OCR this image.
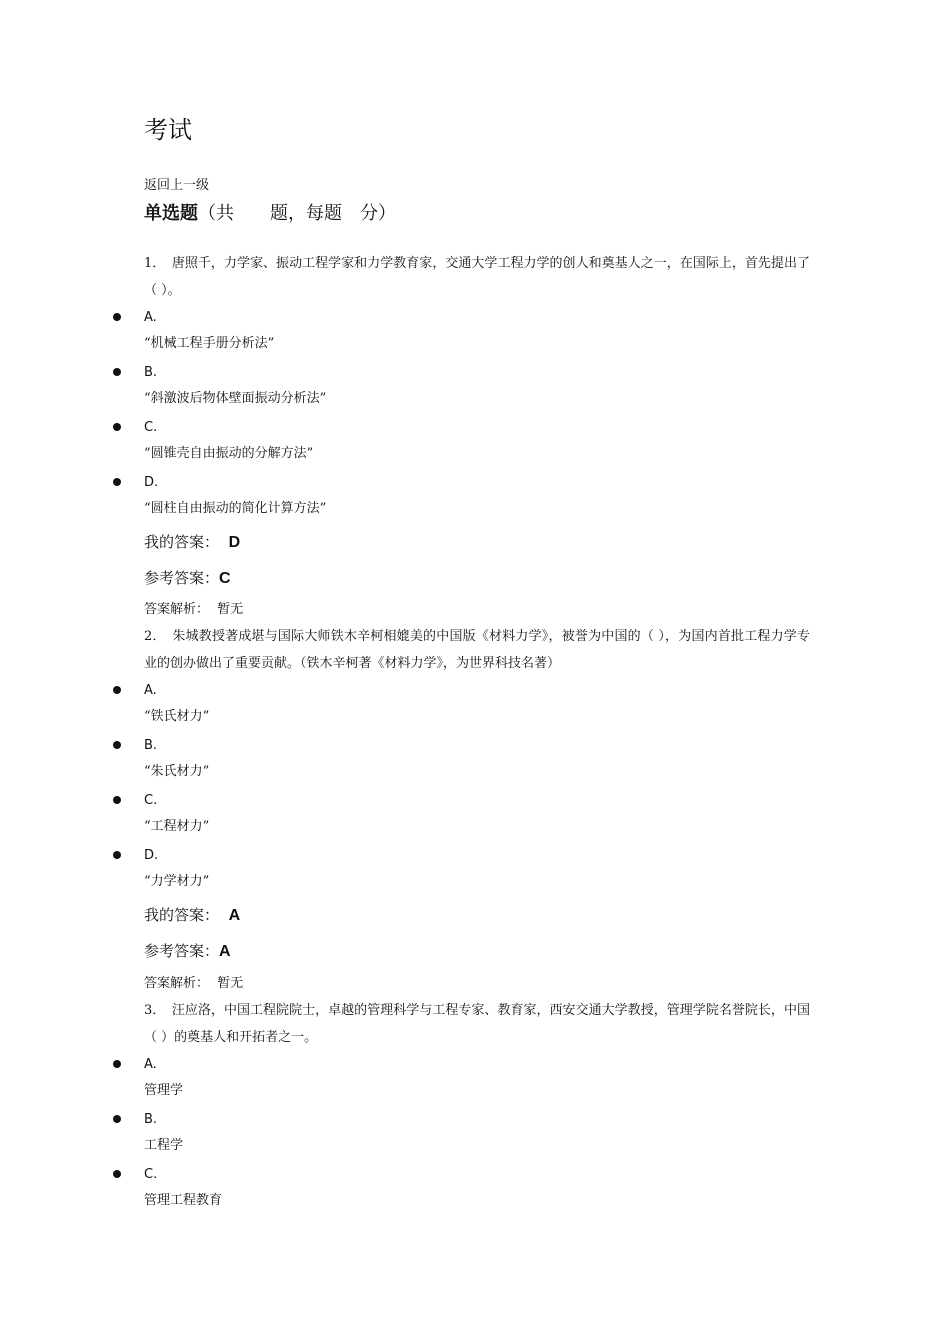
考试
返回上一级
单选题（共　　题，每题　分）
1．　 唐照千，力学家、振动工程学家和力学教育家，交通大学工程力学的创人和奠基人之一，在国际上，首先提出了（ ）。
A.
“机械工程手册分析法”
B.
“斜激波后物体壁面振动分析法”
C.
“圆锥壳自由振动的分解方法”
D.
“圆柱自由振动的简化计算方法”
我的答案： D
参考答案：C
答案解析： 暂无
2．　 朱城教授著成堪与国际大师铁木辛柯相媲美的中国版《材料力学》，被誉为中国的（ ），为国内首批工程力学专业的创办做出了重要贡献。（铁木辛柯著《材料力学》，为世界科技名著）
A.
“铁氏材力”
B.
“朱氏材力”
C.
“工程材力”
D.
“力学材力”
我的答案： A
参考答案：A
答案解析： 暂无
3．　 汪应洛，中国工程院院士，卓越的管理科学与工程专家、教育家，西安交通大学教授，管理学院名誉院长，中国（ ）的奠基人和开拓者之一。
A.
管理学
B.
工程学
C.
管理工程教育
